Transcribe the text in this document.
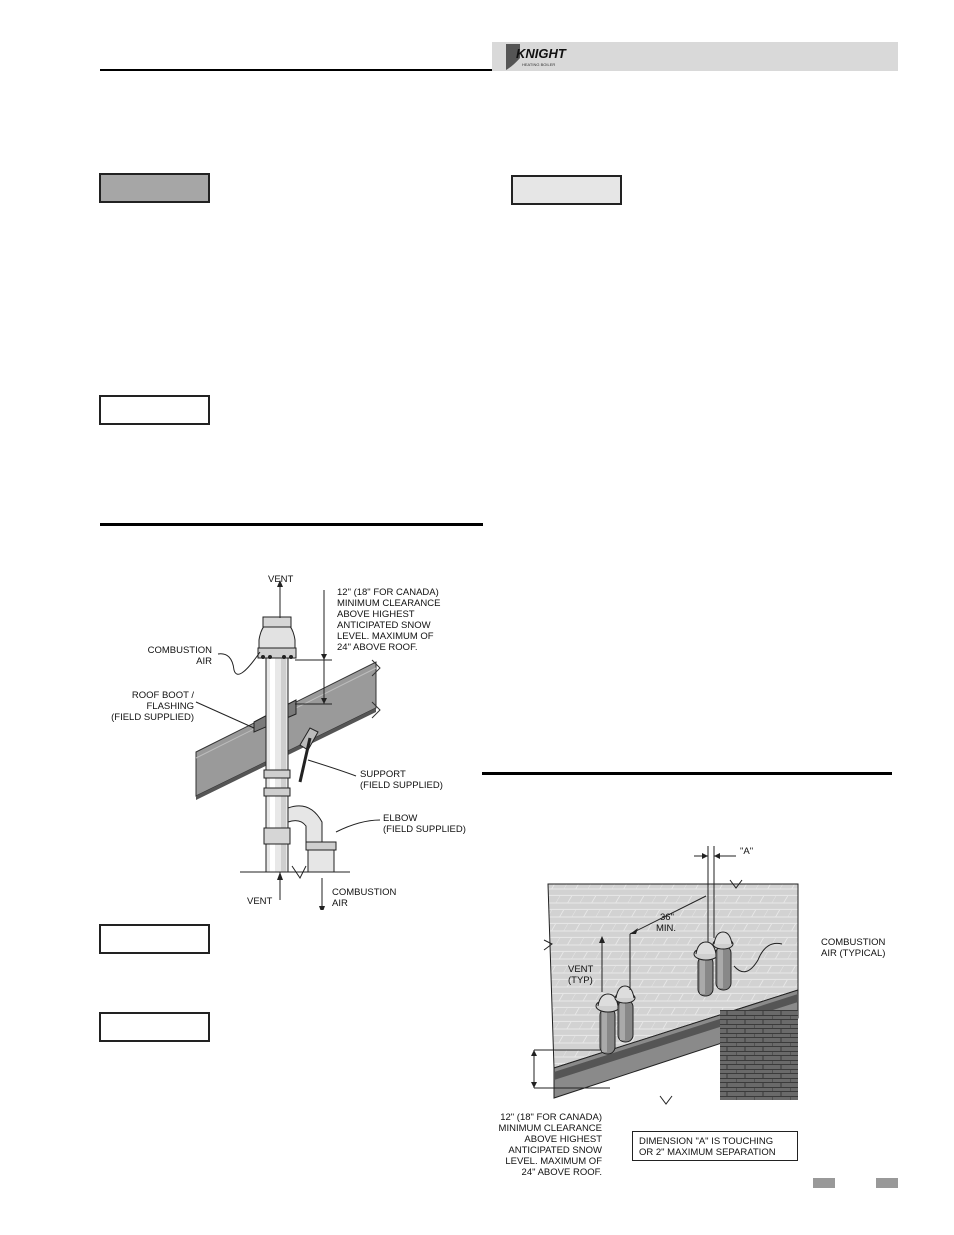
KNIGHT
HEATING BOILER
VENT
12" (18" FOR CANADA)
MINIMUM CLEARANCE
ABOVE HIGHEST
ANTICIPATED SNOW
LEVEL. MAXIMUM OF
24" ABOVE ROOF.
COMBUSTION
AIR
ROOF BOOT /
FLASHING
(FIELD SUPPLIED)
SUPPORT
(FIELD SUPPLIED)
ELBOW
(FIELD SUPPLIED)
VENT
COMBUSTION
AIR
"A"
36"
MIN.
COMBUSTION
AIR (TYPICAL)
VENT
(TYP)
12" (18" FOR CANADA)
MINIMUM CLEARANCE
ABOVE HIGHEST
ANTICIPATED SNOW
LEVEL. MAXIMUM OF
24" ABOVE ROOF.
DIMENSION "A" IS TOUCHING
OR 2" MAXIMUM SEPARATION
